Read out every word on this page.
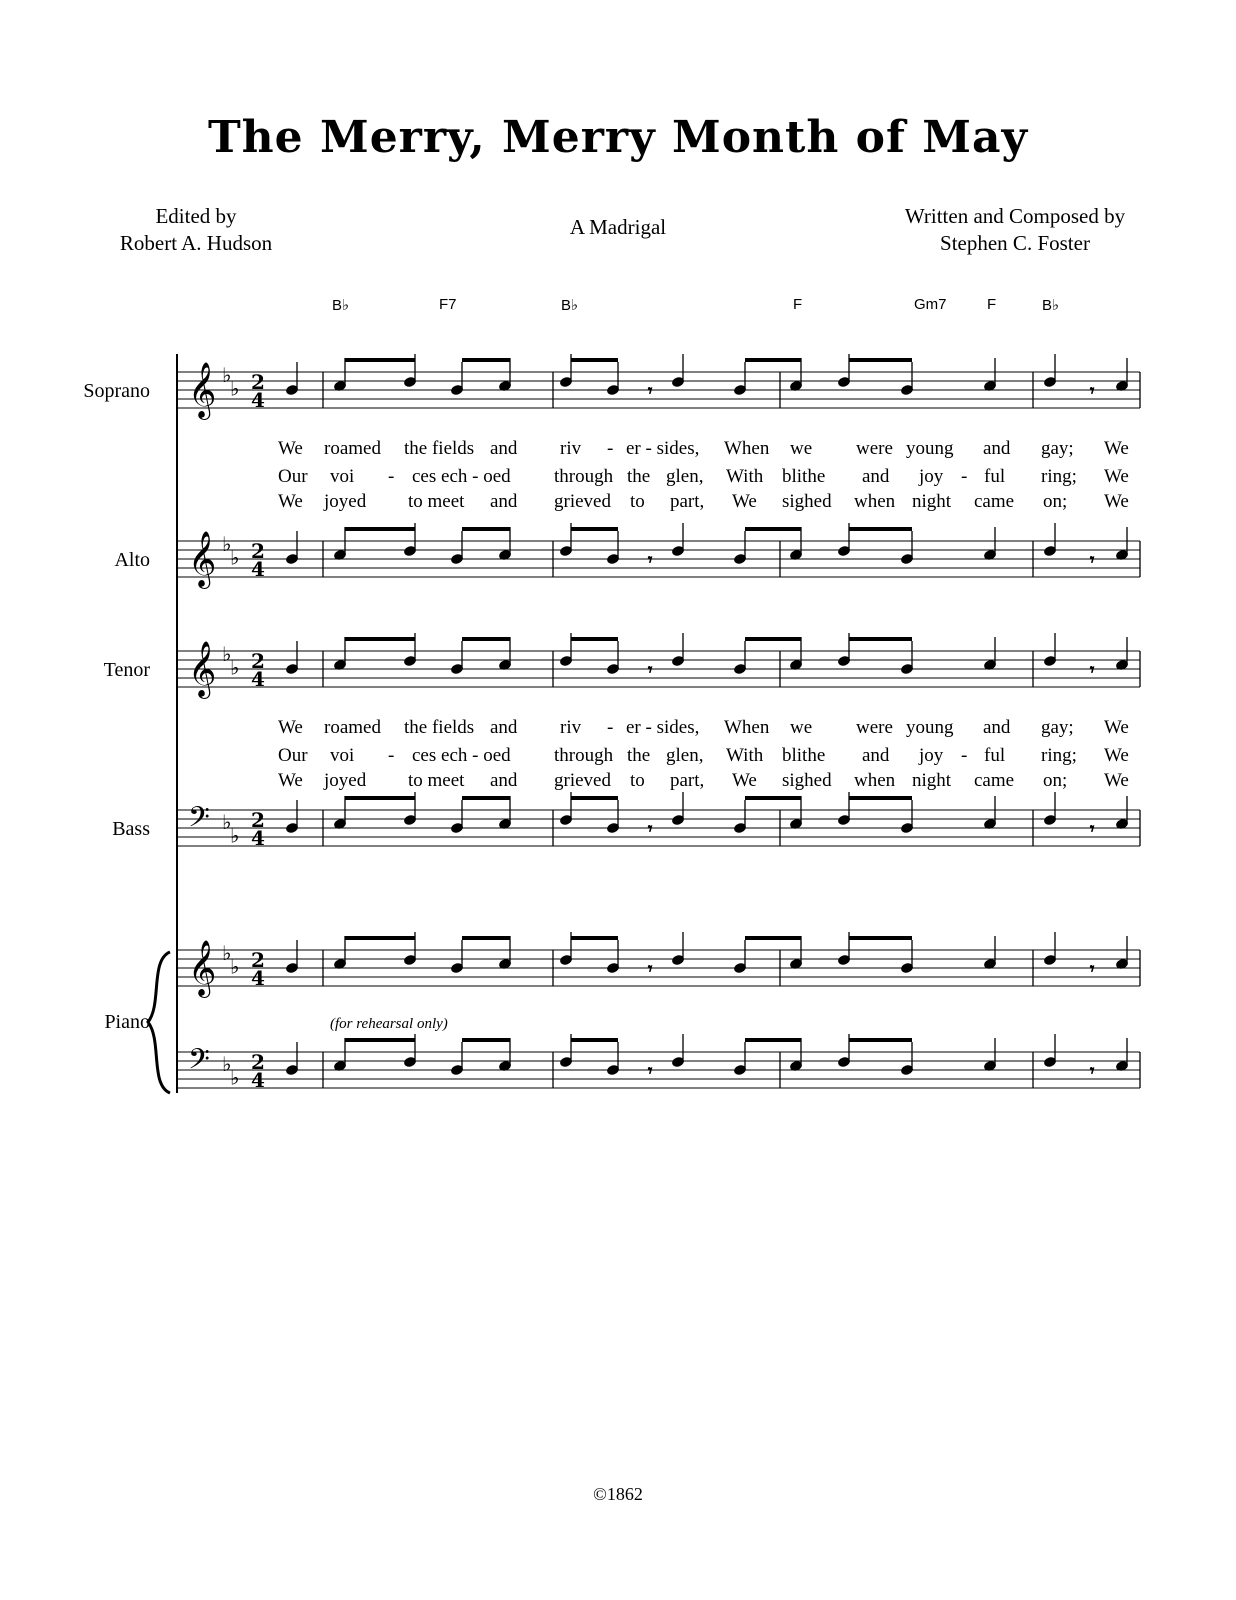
The Merry, Merry Month of May
Edited by
Robert A. Hudson
A Madrigal	Written and Composed by
Stephen C. Foster
B♭	F7	B♭	F	Gm7	F	B♭
Soprano
Alto
Tenor
Bass
Piano
We roamed the fields and riv - er - sides, When we were young and gay; We
Our voi - ces ech - oed through the glen, With blithe and joy - ful ring; We
We joyed to meet and grieved to part, We sighed when night came on; We
We roamed the fields and riv - er - sides, When we were young and gay; We
Our voi - ces ech - oed through the glen, With blithe and joy - ful ring; We
We joyed to meet and grieved to part, We sighed when night came on; We
(for rehearsal only)
𝄞 ♭
♭ 2
4
𝄞 ♭
♭ 2
4
𝄞 ♭
♭ 2
4
𝄢 ♭
♭
2
4
𝄞 ♭
♭ 2
4
𝄢 ♭
♭
2
4
𝄾	𝄾
𝄾	𝄾
𝄾	𝄾
𝄾	𝄾
𝄾	𝄾
𝄾	𝄾
©1862
